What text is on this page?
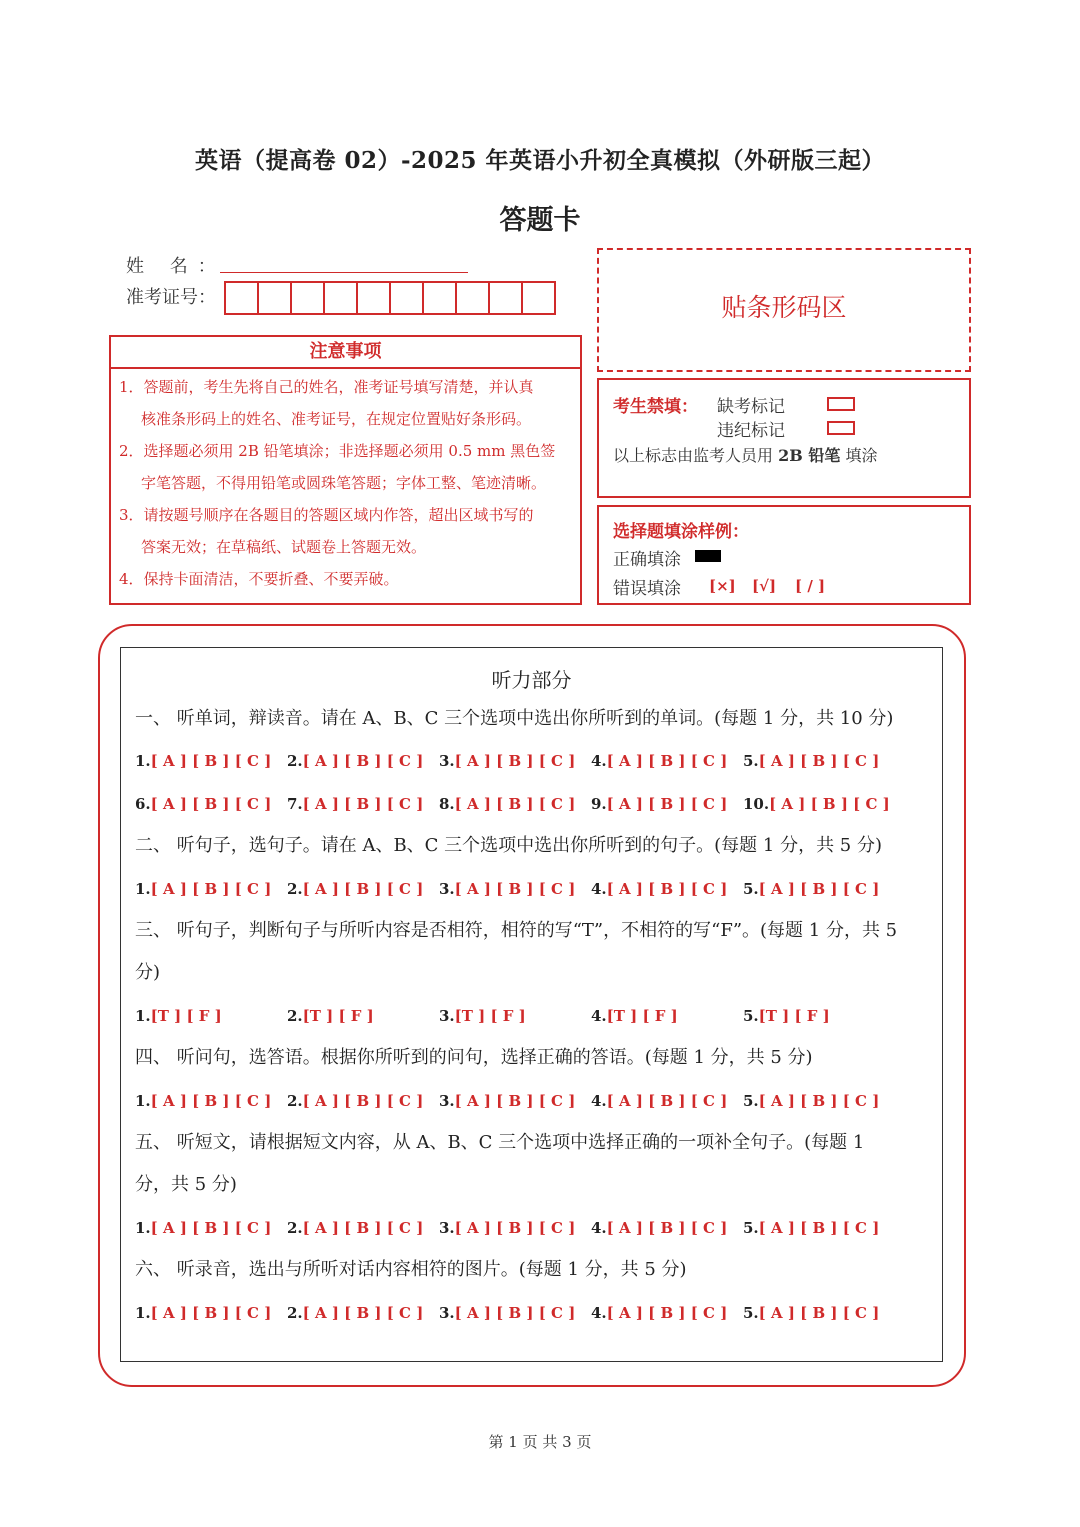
英语（提高卷 02）-2025 年英语小升初全真模拟（外研版三起）
答题卡
姓 名：
准考证号：
注意事项
1．答题前，考生先将自己的姓名，准考证号填写清楚，并认真
核准条形码上的姓名、准考证号，在规定位置贴好条形码。
2．选择题必须用 2B 铅笔填涂；非选择题必须用 0.5 mm 黑色签
字笔答题，不得用铅笔或圆珠笔答题；字体工整、笔迹清晰。
3．请按题号顺序在各题目的答题区域内作答，超出区域书写的
答案无效；在草稿纸、试题卷上答题无效。
4．保持卡面清洁，不要折叠、不要弄破。
贴条形码区
考生禁填： 缺考标记
违纪标记
以上标志由监考人员用 2B 铅笔 填涂
选择题填涂样例：
正确填涂
错误填涂 [×] [√] [ / ]
听力部分
一、 听单词，辩读音。请在 A、B、C 三个选项中选出你所听到的单词。(每题 1 分，共 10 分)
1.[ A ] [ B ] [ C ] 2.[ A ] [ B ] [ C ] 3.[ A ] [ B ] [ C ] 4.[ A ] [ B ] [ C ] 5.[ A ] [ B ] [ C ]
6.[ A ] [ B ] [ C ] 7.[ A ] [ B ] [ C ] 8.[ A ] [ B ] [ C ] 9.[ A ] [ B ] [ C ] 10.[ A ] [ B ] [ C ]
二、 听句子，选句子。请在 A、B、C 三个选项中选出你所听到的句子。(每题 1 分，共 5 分)
1.[ A ] [ B ] [ C ] 2.[ A ] [ B ] [ C ] 3.[ A ] [ B ] [ C ] 4.[ A ] [ B ] [ C ] 5.[ A ] [ B ] [ C ]
三、 听句子，判断句子与所听内容是否相符，相符的写“T”，不相符的写“F”。(每题 1 分，共 5
分)
1.[T ] [ F ]	2.[T ] [ F ]	3.[T ] [ F ]	4.[T ] [ F ]	5.[T ] [ F ]
四、 听问句，选答语。根据你所听到的问句，选择正确的答语。(每题 1 分，共 5 分)
1.[ A ] [ B ] [ C ] 2.[ A ] [ B ] [ C ] 3.[ A ] [ B ] [ C ] 4.[ A ] [ B ] [ C ] 5.[ A ] [ B ] [ C ]
五、 听短文，请根据短文内容，从 A、B、C 三个选项中选择正确的一项补全句子。(每题 1
分，共 5 分)
1.[ A ] [ B ] [ C ] 2.[ A ] [ B ] [ C ] 3.[ A ] [ B ] [ C ] 4.[ A ] [ B ] [ C ] 5.[ A ] [ B ] [ C ]
六、 听录音，选出与所听对话内容相符的图片。(每题 1 分，共 5 分)
1.[ A ] [ B ] [ C ] 2.[ A ] [ B ] [ C ] 3.[ A ] [ B ] [ C ] 4.[ A ] [ B ] [ C ] 5.[ A ] [ B ] [ C ]
第 1 页 共 3 页
